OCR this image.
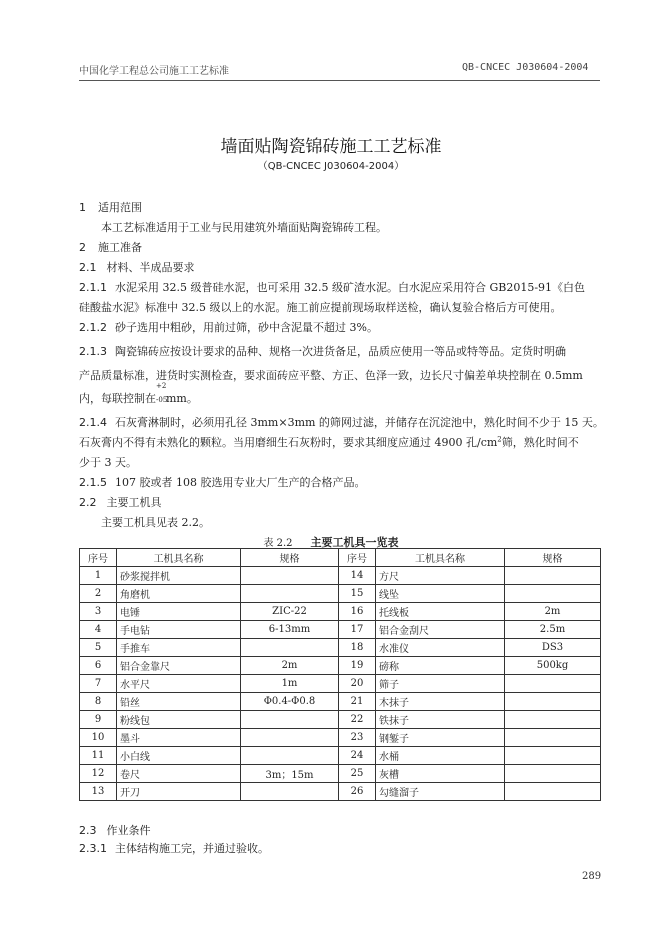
中国化学工程总公司施工工艺标准	QB-CNCEC J030604-2004
墙面贴陶瓷锦砖施工工艺标准
（QB-CNCEC J030604-2004）
1 适用范围
本工艺标准适用于工业与民用建筑外墙面贴陶瓷锦砖工程。
2 施工准备
2.1 材料、半成品要求
2.1.1 水泥采用 32.5 级普硅水泥，也可采用 32.5 级矿渣水泥。白水泥应采用符合 GB2015-91《白色
硅酸盐水泥》标准中 32.5 级以上的水泥。施工前应提前现场取样送检，确认复验合格后方可使用。
2.1.2 砂子选用中粗砂，用前过筛，砂中含泥量不超过 3%。
2.1.3 陶瓷锦砖应按设计要求的品种、规格一次进货备足，品质应使用一等品或特等品。定货时明确
产品质量标准，进货时实测检查，要求面砖应平整、方正、色泽一致，边长尺寸偏差单块控制在 0.5mm
内，每联控制在
+2
-05
mm。
2.1.4 石灰膏淋制时，必须用孔径 3mm×3mm 的筛网过滤，并储存在沉淀池中，熟化时间不少于 15 天。
石灰膏内不得有未熟化的颗粒。当用磨细生石灰粉时，要求其细度应通过 4900 孔$/cm^2$筛，熟化时间不
少于 3 天。
2.1.5 107 胶或者 108 胶选用专业大厂生产的合格产品。
2.2 主要工机具
主要工机具见表 2.2。
2.3 作业条件
2.3.1 主体结构施工完，并通过验收。
表 2.2 主要工机具一览表
序号	工机具名称	规格	序号	工机具名称	规格
1	砂浆搅拌机		14	方尺	
2	角磨机		15	线坠	
3	电锤	ZIC-22	16	托线板	2m
4	手电钻	6-13mm	17	铝合金刮尺	2.5m
5	手推车		18	水准仪	DS3
6	铝合金靠尺	2m	19	磅称	500kg
7	水平尺	1m	20	筛子	
8	铅丝	Φ0.4-Φ0.8	21	木抹子	
9	粉线包		22	铁抹子	
10	墨斗		23	钢錾子	
11	小白线		24	水桶	
12	卷尺	3m；15m	25	灰槽	
13	开刀		26	勾缝溜子	
289
